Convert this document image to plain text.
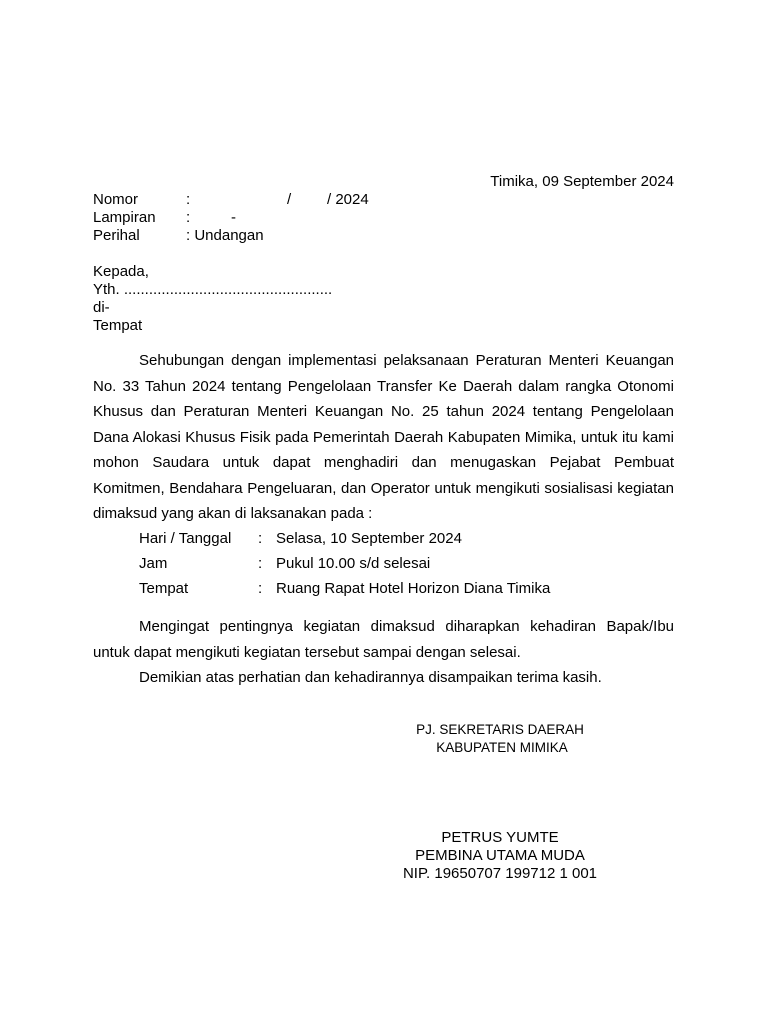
Timika, 09 September 2024
Nomor	:	/ / 2024
Lampiran :	-
Perihal	: Undangan
Kepada,
Yth. ..................................................
di-
Tempat
Sehubungan dengan implementasi pelaksanaan Peraturan Menteri Keuangan No. 33 Tahun 2024 tentang Pengelolaan Transfer Ke Daerah dalam rangka Otonomi Khusus dan Peraturan Menteri Keuangan No. 25 tahun 2024 tentang Pengelolaan Dana Alokasi Khusus Fisik pada Pemerintah Daerah Kabupaten Mimika, untuk itu kami mohon Saudara untuk dapat menghadiri dan menugaskan Pejabat Pembuat Komitmen, Bendahara Pengeluaran, dan Operator untuk mengikuti sosialisasi kegiatan dimaksud yang akan di laksanakan pada :
Hari / Tanggal : Selasa, 10 September 2024
Jam	: Pukul 10.00 s/d selesai
Tempat	: Ruang Rapat Hotel Horizon Diana Timika
Mengingat pentingnya kegiatan dimaksud diharapkan kehadiran Bapak/Ibu untuk dapat mengikuti kegiatan tersebut sampai dengan selesai.
Demikian atas perhatian dan kehadirannya disampaikan terima kasih.
PJ. SEKRETARIS DAERAH
KABUPATEN MIMIKA
PETRUS YUMTE
PEMBINA UTAMA MUDA
NIP. 19650707 199712 1 001
